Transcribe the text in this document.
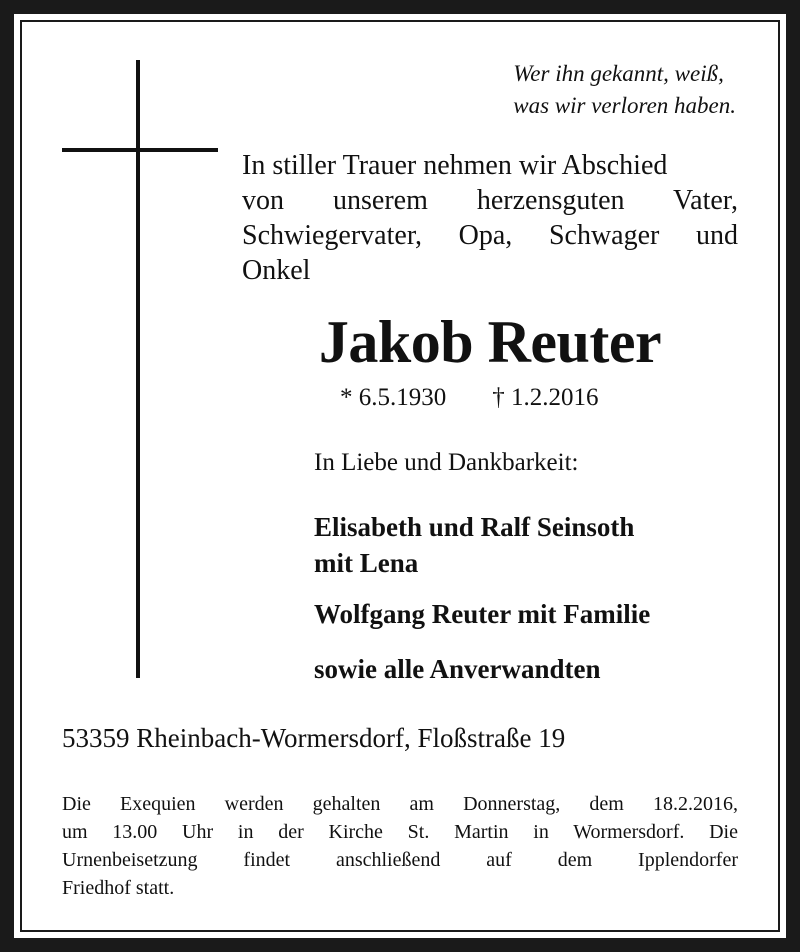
Wer ihn gekannt, weiß,
was wir verloren haben.
In stiller Trauer nehmen wir Abschied
von unserem herzensguten Vater,
Schwiegervater, Opa, Schwager und
Onkel
Jakob Reuter
* 6.5.1930 † 1.2.2016
In Liebe und Dankbarkeit:
Elisabeth und Ralf Seinsoth
mit Lena
Wolfgang Reuter mit Familie
sowie alle Anverwandten
53359 Rheinbach-Wormersdorf, Floßstraße 19
Die Exequien werden gehalten am Donnerstag, dem 18.2.2016,
um 13.00 Uhr in der Kirche St. Martin in Wormersdorf. Die
Urnenbeisetzung findet anschließend auf dem Ipplendorfer
Friedhof statt.
